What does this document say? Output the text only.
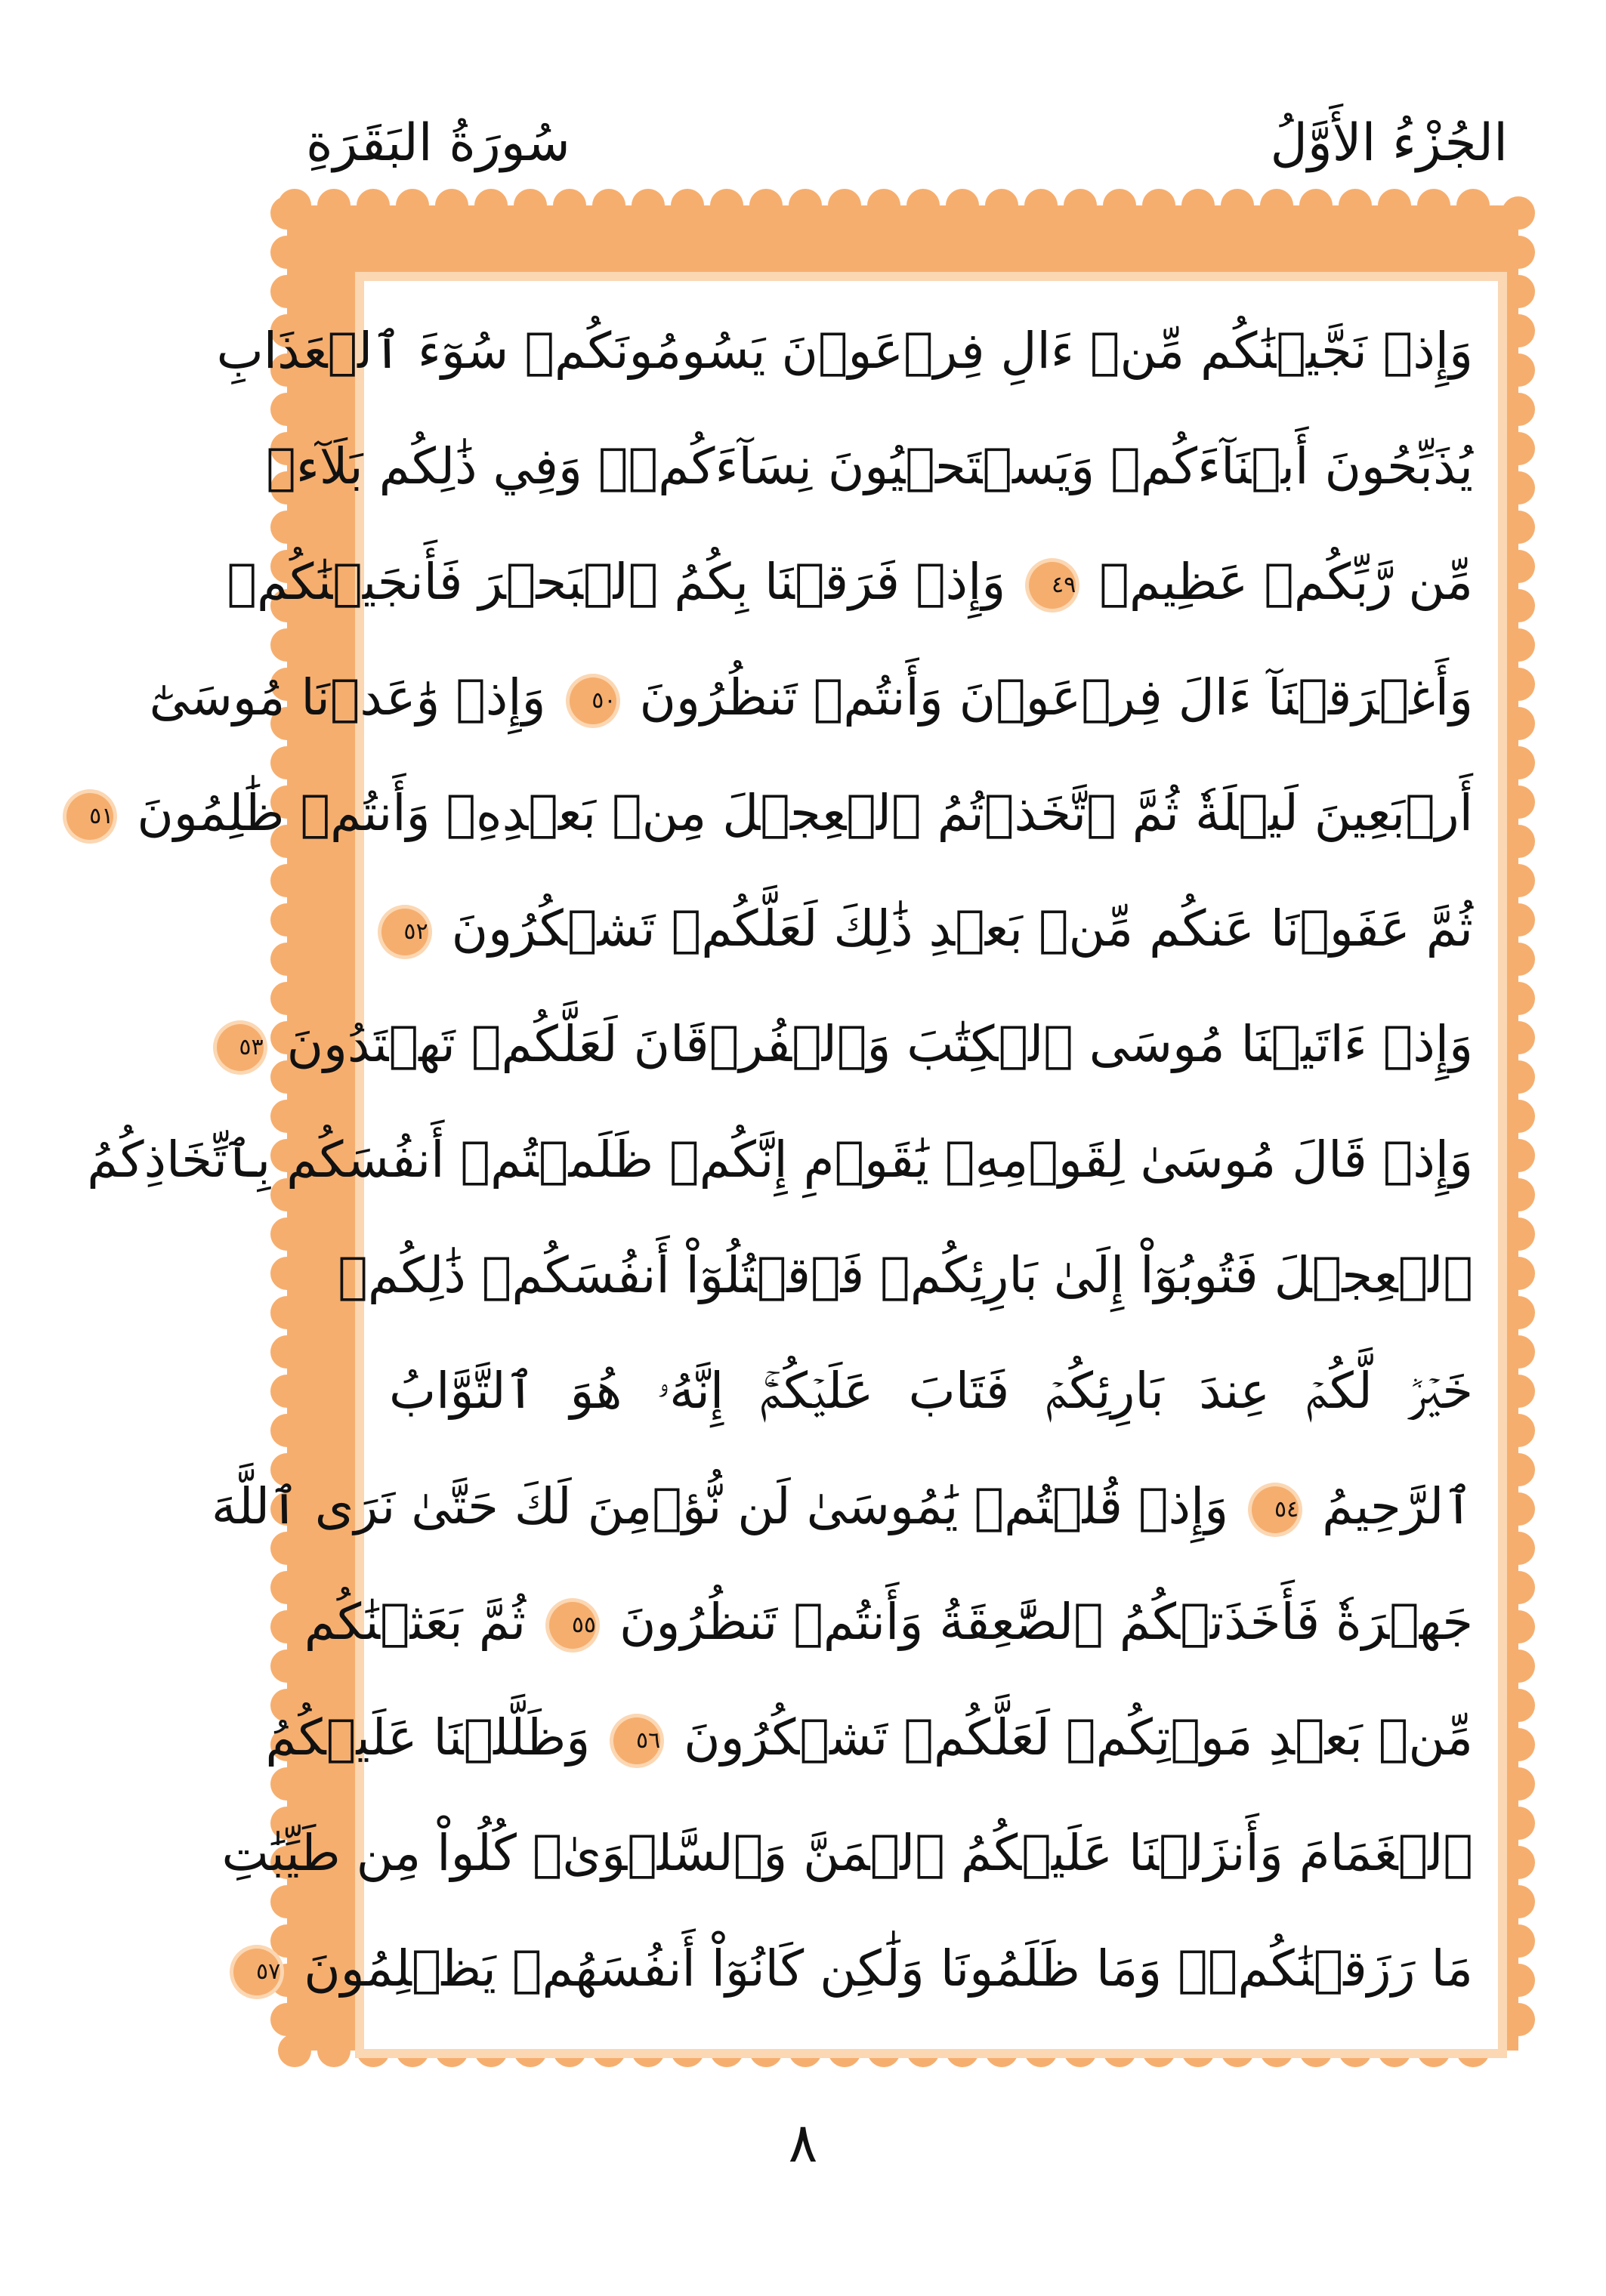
الجُزْءُ الأَوَّلُ
سُورَةُ البَقَرَةِ
وَإِذۡ نَجَّيۡنَٰكُم مِّنۡ ءَالِ فِرۡعَوۡنَ يَسُومُونَكُمۡ سُوٓءَ ٱلۡعَذَابِ
يُذَبِّحُونَ أَبۡنَآءَكُمۡ وَيَسۡتَحۡيُونَ نِسَآءَكُمۡۚ وَفِي ذَٰلِكُم بَلَآءٞ
مِّن رَّبِّكُمۡ عَظِيمٞ ٤٩ وَإِذۡ فَرَقۡنَا بِكُمُ ٱلۡبَحۡرَ فَأَنجَيۡنَٰكُمۡ
وَأَغۡرَقۡنَآ ءَالَ فِرۡعَوۡنَ وَأَنتُمۡ تَنظُرُونَ ٥٠ وَإِذۡ وَٰعَدۡنَا مُوسَىٰٓ
أَرۡبَعِينَ لَيۡلَةٗ ثُمَّ ٱتَّخَذۡتُمُ ٱلۡعِجۡلَ مِنۢ بَعۡدِهِۦ وَأَنتُمۡ ظَٰلِمُونَ ٥١
ثُمَّ عَفَوۡنَا عَنكُم مِّنۢ بَعۡدِ ذَٰلِكَ لَعَلَّكُمۡ تَشۡكُرُونَ ٥٢
وَإِذۡ ءَاتَيۡنَا مُوسَى ٱلۡكِتَٰبَ وَٱلۡفُرۡقَانَ لَعَلَّكُمۡ تَهۡتَدُونَ ٥٣
وَإِذۡ قَالَ مُوسَىٰ لِقَوۡمِهِۦ يَٰقَوۡمِ إِنَّكُمۡ ظَلَمۡتُمۡ أَنفُسَكُم بِٱتِّخَاذِكُمُ
ٱلۡعِجۡلَ فَتُوبُوٓاْ إِلَىٰ بَارِئِكُمۡ فَٱقۡتُلُوٓاْ أَنفُسَكُمۡ ذَٰلِكُمۡ
خَيۡرٞ لَّكُمۡ عِندَ بَارِئِكُمۡ فَتَابَ عَلَيۡكُمۡۚ إِنَّهُۥ هُوَ ٱلتَّوَّابُ
ٱلرَّحِيمُ ٥٤ وَإِذۡ قُلۡتُمۡ يَٰمُوسَىٰ لَن نُّؤۡمِنَ لَكَ حَتَّىٰ نَرَى ٱللَّهَ
جَهۡرَةٗ فَأَخَذَتۡكُمُ ٱلصَّٰعِقَةُ وَأَنتُمۡ تَنظُرُونَ ٥٥ ثُمَّ بَعَثۡنَٰكُم
مِّنۢ بَعۡدِ مَوۡتِكُمۡ لَعَلَّكُمۡ تَشۡكُرُونَ ٥٦ وَظَلَّلۡنَا عَلَيۡكُمُ
ٱلۡغَمَامَ وَأَنزَلۡنَا عَلَيۡكُمُ ٱلۡمَنَّ وَٱلسَّلۡوَىٰۖ كُلُواْ مِن طَيِّبَٰتِ
مَا رَزَقۡنَٰكُمۡۚ وَمَا ظَلَمُونَا وَلَٰكِن كَانُوٓاْ أَنفُسَهُمۡ يَظۡلِمُونَ ٥٧
٨
